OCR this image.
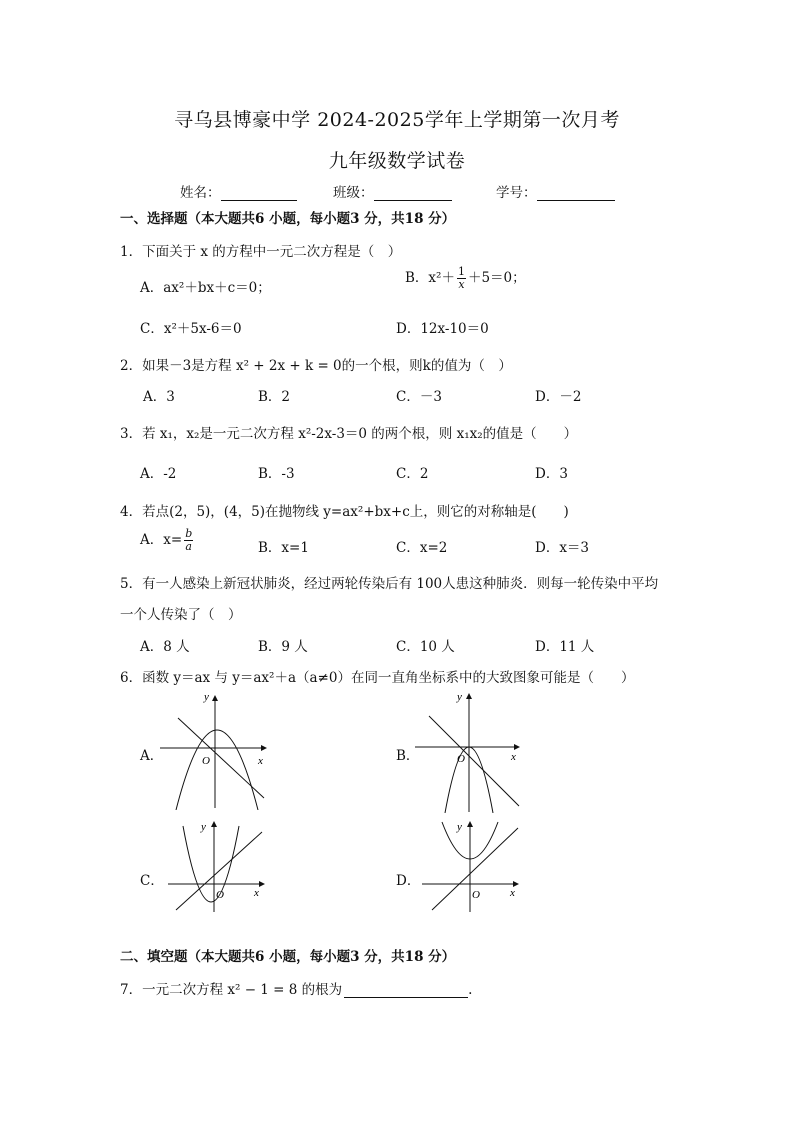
寻乌县博豪中学 2024-2025学年上学期第一次月考
九年级数学试卷
姓名：	班级：	学号：
一、选择题（本大题共6 小题，每小题3 分，共18 分）
1．下面关于 x 的方程中一元二次方程是（　）
A．ax²＋bx＋c＝0；
B．$x^2+ \frac{1}{x} +5=0$；
C．x²＋5x-6＝0	D．12x-10＝0
2．如果－3是方程 x² + 2x + k = 0的一个根，则k的值为（　）
A．3	B．2	C．－3	D．－2
3．若 x₁，x₂是一元二次方程 x²-2x-3＝0 的两个根，则 x₁x₂的值是（　　）
A．-2	B．-3	C．2	D．3
4．若点(2，5)，(4，5)在抛物线 y=ax²+bx+c上，则它的对称轴是(　　)
A．$x= \frac{b}{a}$	B．x=1	C．x=2	D．x＝3
5．有一人感染上新冠状肺炎，经过两轮传染后有 100人患这种肺炎．则每一轮传染中平均
一个人传染了（　）
A．8 人	B．9 人	C．10 人	D．11 人
6．函数 y＝ax 与 y＝ax²＋a（a≠0）在同一直角坐标系中的大致图象可能是（　　）
A．
y
x
O	B．
y
x
O
C．
y
x
O
D．
y
x
O
二、填空题（本大题共6 小题，每小题3 分，共18 分）
7．一元二次方程 x² − 1 = 8 的根为	.
